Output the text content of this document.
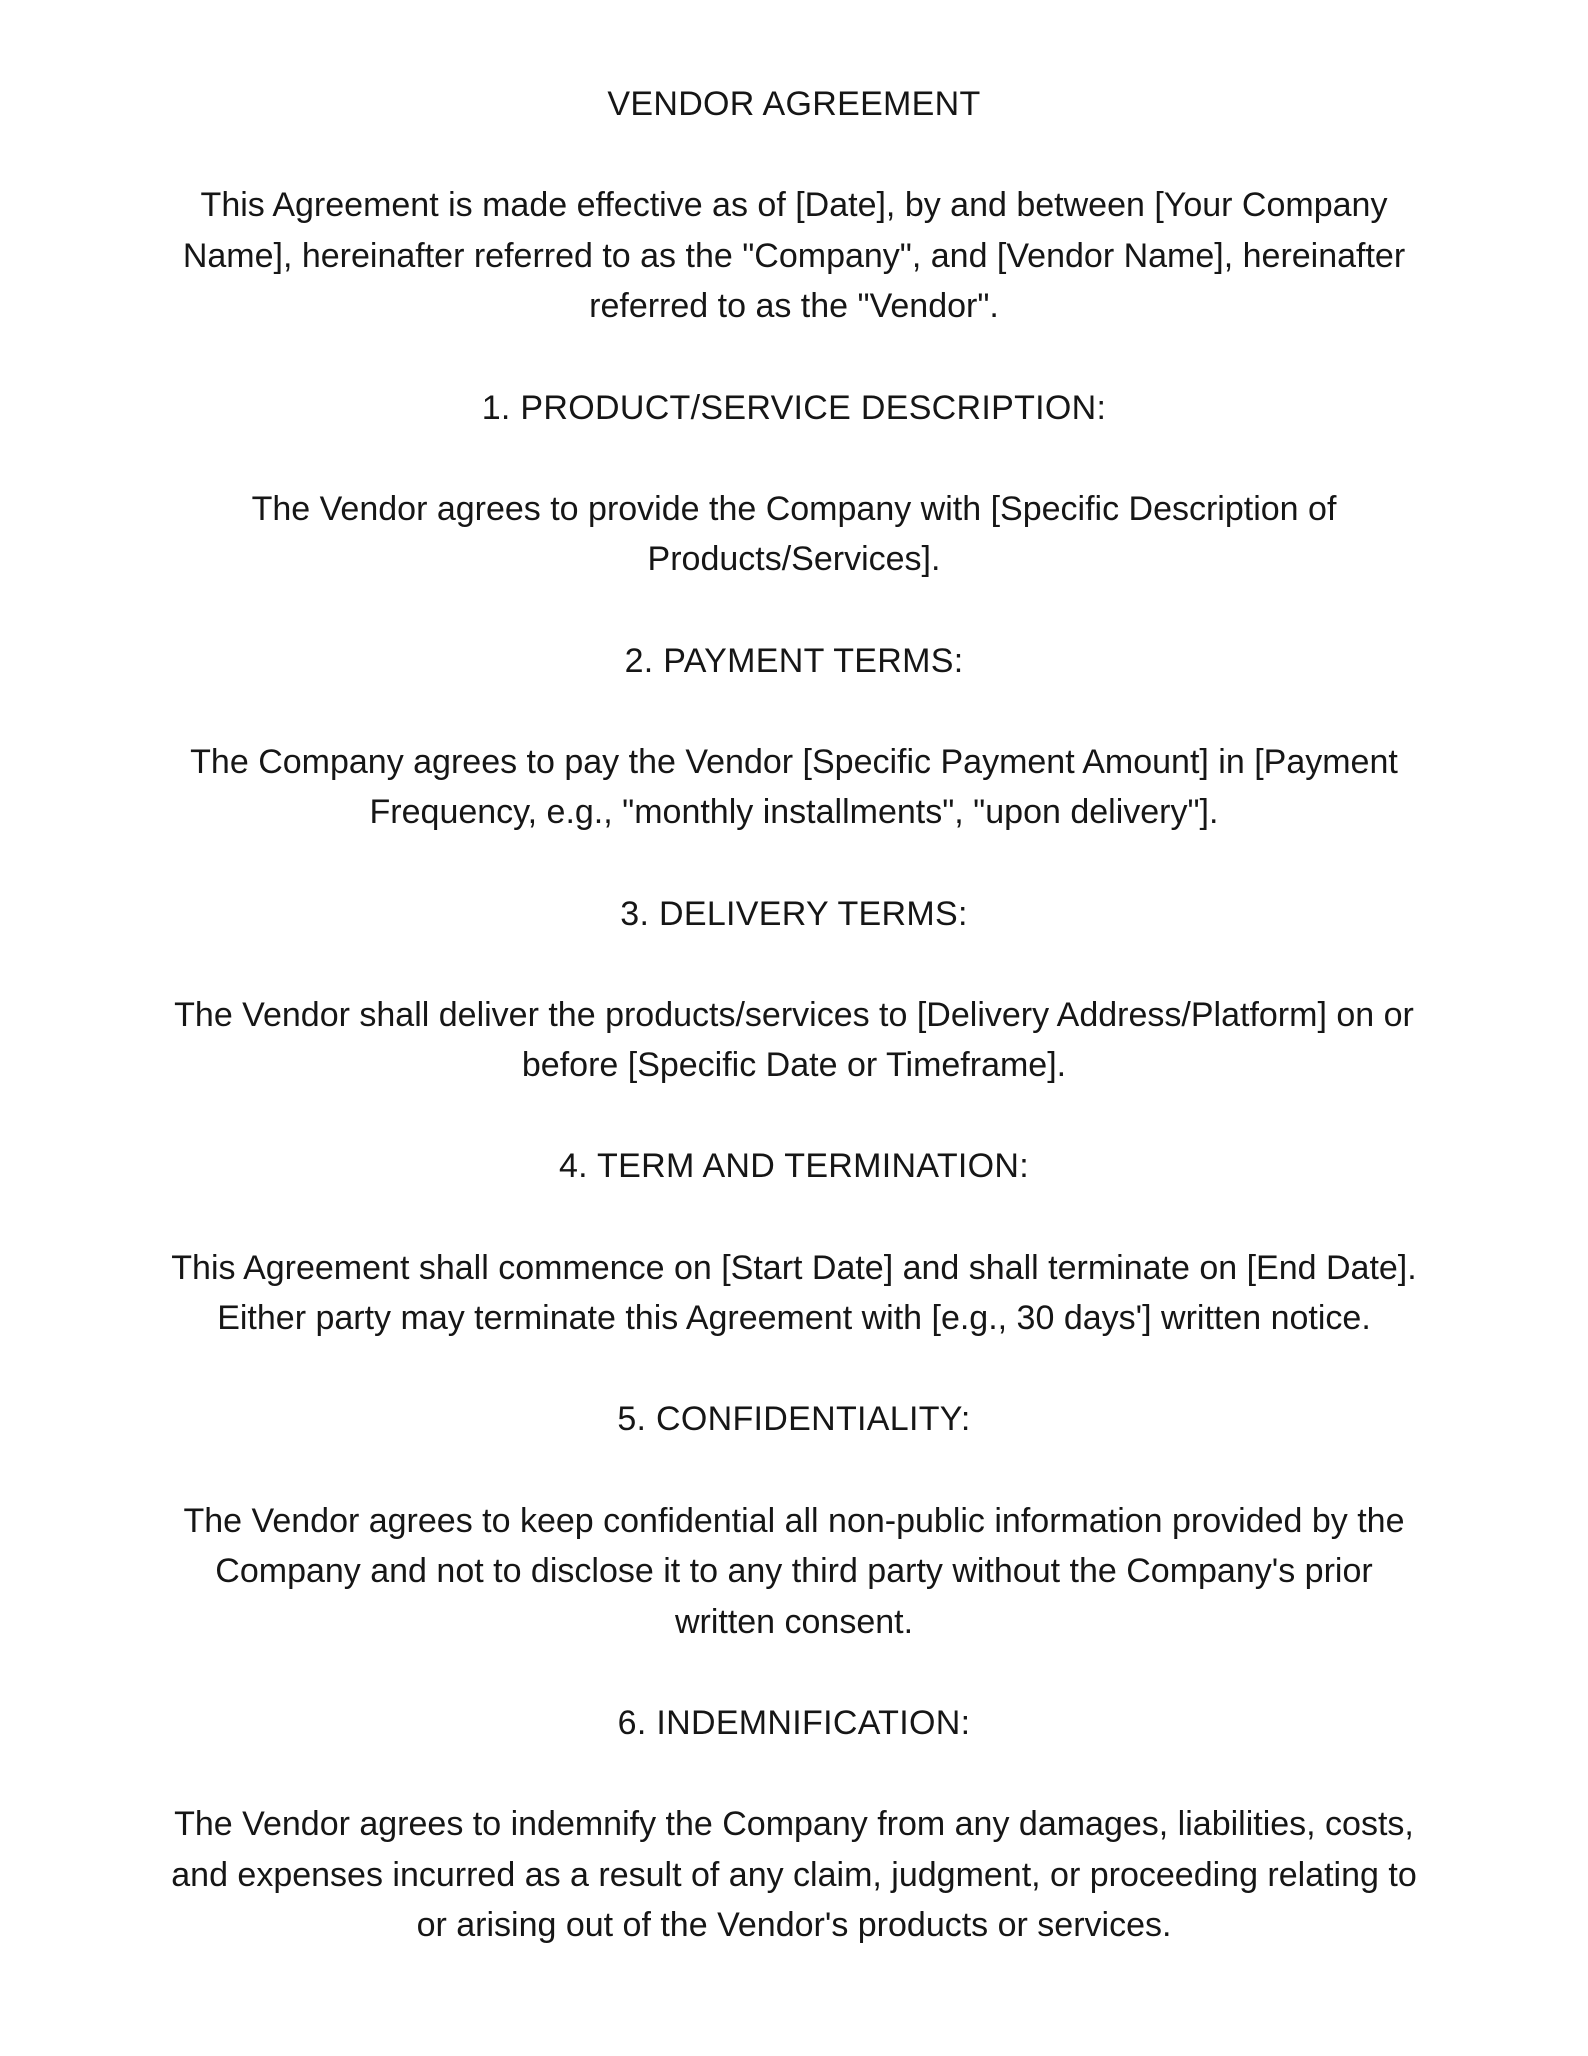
VENDOR AGREEMENT
This Agreement is made effective as of [Date], by and between [Your Company
Name], hereinafter referred to as the "Company", and [Vendor Name], hereinafter
referred to as the "Vendor".
1. PRODUCT/SERVICE DESCRIPTION:
The Vendor agrees to provide the Company with [Specific Description of
Products/Services].
2. PAYMENT TERMS:
The Company agrees to pay the Vendor [Specific Payment Amount] in [Payment
Frequency, e.g., "monthly installments", "upon delivery"].
3. DELIVERY TERMS:
The Vendor shall deliver the products/services to [Delivery Address/Platform] on or
before [Specific Date or Timeframe].
4. TERM AND TERMINATION:
This Agreement shall commence on [Start Date] and shall terminate on [End Date].
Either party may terminate this Agreement with [e.g., 30 days'] written notice.
5. CONFIDENTIALITY:
The Vendor agrees to keep confidential all non-public information provided by the
Company and not to disclose it to any third party without the Company's prior
written consent.
6. INDEMNIFICATION:
The Vendor agrees to indemnify the Company from any damages, liabilities, costs,
and expenses incurred as a result of any claim, judgment, or proceeding relating to
or arising out of the Vendor's products or services.
